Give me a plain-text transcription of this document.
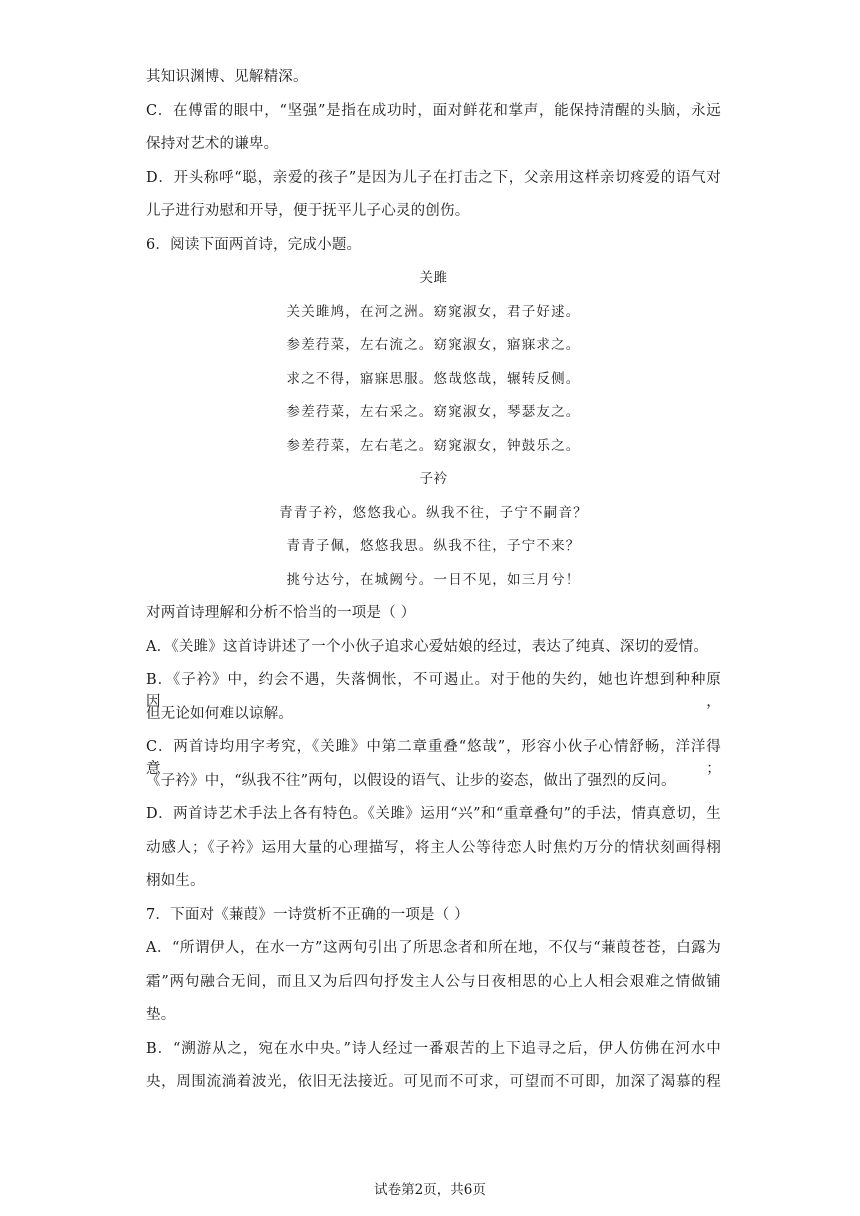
其知识渊博、见解精深。
C．在傅雷的眼中，“坚强”是指在成功时，面对鲜花和掌声，能保持清醒的头脑，永远
保持对艺术的谦卑。
D．开头称呼“聪，亲爱的孩子”是因为儿子在打击之下，父亲用这样亲切疼爱的语气对
儿子进行劝慰和开导，便于抚平儿子心灵的创伤。
6．阅读下面两首诗，完成小题。
关雎
关关雎鸠，在河之洲。窈窕淑女，君子好逑。
参差荇菜，左右流之。窈窕淑女，寤寐求之。
求之不得，寤寐思服。悠哉悠哉，辗转反侧。
参差荇菜，左右采之。窈窕淑女，琴瑟友之。
参差荇菜，左右芼之。窈窕淑女，钟鼓乐之。
子衿
青青子衿，悠悠我心。纵我不往，子宁不嗣音？
青青子佩，悠悠我思。纵我不往，子宁不来？
挑兮达兮，在城阙兮。一日不见，如三月兮！
对两首诗理解和分析不恰当的一项是（ ）
A．《关雎》这首诗讲述了一个小伙子追求心爱姑娘的经过，表达了纯真、深切的爱情。
B．《子衿》中，约会不遇，失落惆怅，不可遏止。对于他的失约，她也许想到种种原因，
但无论如何难以谅解。
C．两首诗均用字考究，《关雎》中第二章重叠“悠哉”，形容小伙子心情舒畅，洋洋得意；
《子衿》中，“纵我不往”两句，以假设的语气、让步的姿态，做出了强烈的反问。
D．两首诗艺术手法上各有特色。《关雎》运用“兴”和“重章叠句”的手法，情真意切，生
动感人；《子衿》运用大量的心理描写，将主人公等待恋人时焦灼万分的情状刻画得栩
栩如生。
7．下面对《蒹葭》一诗赏析不正确的一项是（ ）
A．“所谓伊人，在水一方”这两句引出了所思念者和所在地，不仅与“蒹葭苍苍，白露为
霜”两句融合无间，而且又为后四句抒发主人公与日夜相思的心上人相会艰难之情做铺
垫。
B．“溯游从之，宛在水中央。”诗人经过一番艰苦的上下追寻之后，伊人仿佛在河水中
央，周围流淌着波光，依旧无法接近。可见而不可求，可望而不可即，加深了渴慕的程
试卷第2页，共6页
